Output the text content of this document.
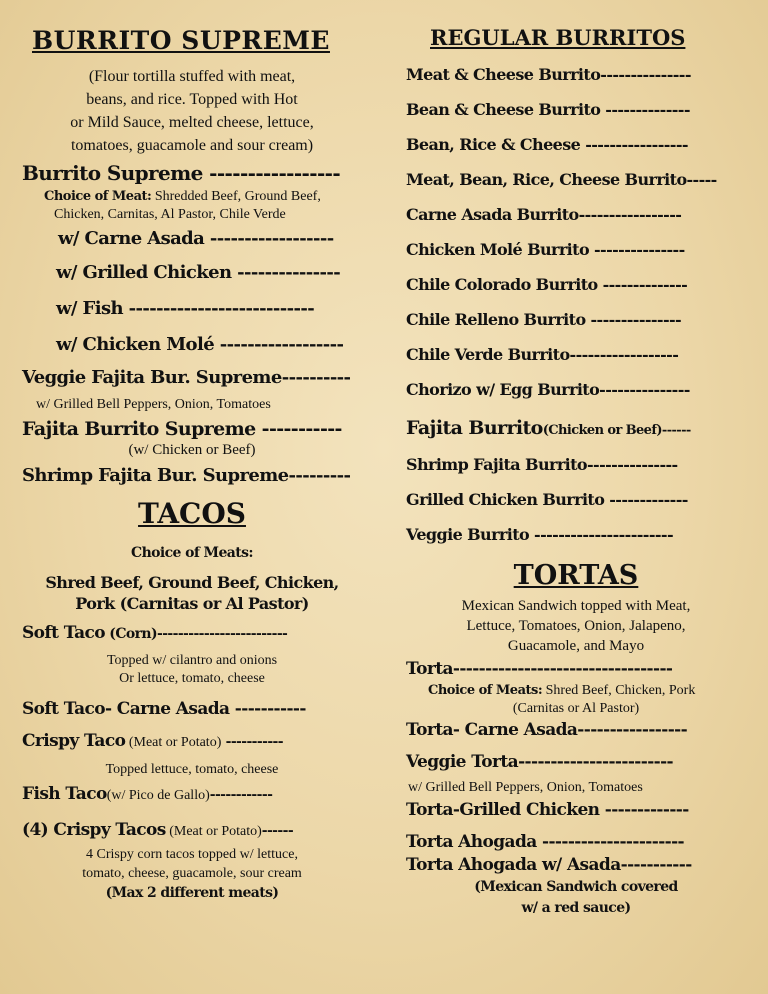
BURRITO SUPREME
(Flour tortilla stuffed with meat,
beans, and rice. Topped with Hot
or Mild Sauce, melted cheese, lettuce,
tomatoes, guacamole and sour cream)
Burrito Supreme -----------------
Choice of Meat: Shredded Beef, Ground Beef,
Chicken, Carnitas, Al Pastor, Chile Verde
w/ Carne Asada ------------------
w/ Grilled Chicken ---------------
w/ Fish ---------------------------
w/ Chicken Molé ------------------
Veggie Fajita Bur. Supreme----------
w/ Grilled Bell Peppers, Onion, Tomatoes
Fajita Burrito Supreme -----------
(w/ Chicken or Beef)
Shrimp Fajita Bur. Supreme---------
TACOS
Choice of Meats:
Shred Beef, Ground Beef, Chicken,
Pork (Carnitas or Al Pastor)
Soft Taco (Corn)-------------------------
Topped w/ cilantro and onions
Or lettuce, tomato, cheese
Soft Taco- Carne Asada -----------
Crispy Taco (Meat or Potato) -----------
Topped lettuce, tomato, cheese
Fish Taco(w/ Pico de Gallo)------------
(4) Crispy Tacos (Meat or Potato)------
4 Crispy corn tacos topped w/ lettuce,
tomato, cheese, guacamole, sour cream
(Max 2 different meats)
REGULAR BURRITOS
Meat & Cheese Burrito---------------
Bean & Cheese Burrito --------------
Bean, Rice & Cheese -----------------
Meat, Bean, Rice, Cheese Burrito-----
Carne Asada Burrito-----------------
Chicken Molé Burrito ---------------
Chile Colorado Burrito --------------
Chile Relleno Burrito ---------------
Chile Verde Burrito------------------
Chorizo w/ Egg Burrito---------------
Fajita Burrito(Chicken or Beef)------
Shrimp Fajita Burrito---------------
Grilled Chicken Burrito -------------
Veggie Burrito -----------------------
TORTAS
Mexican Sandwich topped with Meat,
Lettuce, Tomatoes, Onion, Jalapeno,
Guacamole, and Mayo
Torta----------------------------------
Choice of Meats: Shred Beef, Chicken, Pork
(Carnitas or Al Pastor)
Torta- Carne Asada-----------------
Veggie Torta------------------------
w/ Grilled Bell Peppers, Onion, Tomatoes
Torta-Grilled Chicken -------------
Torta Ahogada ----------------------
Torta Ahogada w/ Asada-----------
(Mexican Sandwich covered
w/ a red sauce)
